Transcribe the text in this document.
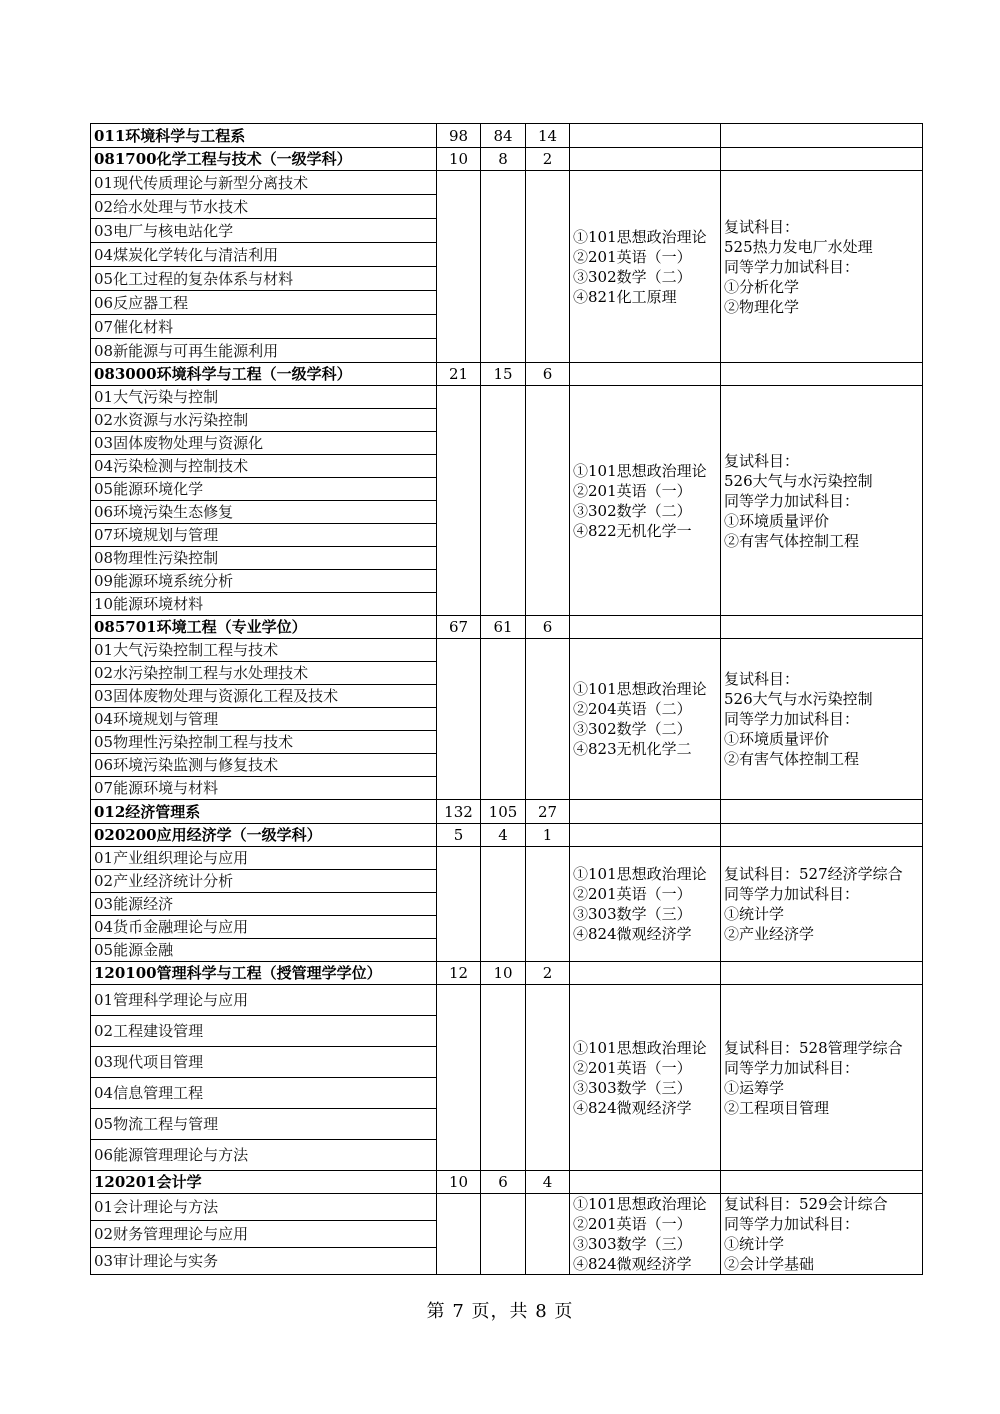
011环境科学与工程系	98	84	14		
081700化学工程与技术（一级学科）	10	8	2		
01现代传质理论与新型分离技术				①101思想政治理论
②201英语（一）
③302数学（二）
④821化工原理	复试科目：
525热力发电厂水处理
同等学力加试科目：
①分析化学
②物理化学

02给水处理与节水技术					
03电厂与核电站化学					
04煤炭化学转化与清洁利用					
05化工过程的复杂体系与材料					
06反应器工程					
07催化材料					
08新能源与可再生能源利用					
083000环境科学与工程（一级学科）	21	15	6		
01大气污染与控制				①101思想政治理论
②201英语（一）
③302数学（二）
④822无机化学一	复试科目：
526大气与水污染控制
同等学力加试科目：
①环境质量评价
②有害气体控制工程

02水资源与水污染控制					
03固体废物处理与资源化					
04污染检测与控制技术					
05能源环境化学					
06环境污染生态修复					
07环境规划与管理					
08物理性污染控制					
09能源环境系统分析					
10能源环境材料					
085701环境工程（专业学位）	67	61	6		
01大气污染控制工程与技术				①101思想政治理论
②204英语（二）
③302数学（二）
④823无机化学二	复试科目：
526大气与水污染控制
同等学力加试科目：
①环境质量评价
②有害气体控制工程

02水污染控制工程与水处理技术					
03固体废物处理与资源化工程及技术					
04环境规划与管理					
05物理性污染控制工程与技术					
06环境污染监测与修复技术					
07能源环境与材料					
012经济管理系	132	105	27		
020200应用经济学（一级学科）	5	4	1		
01产业组织理论与应用				①101思想政治理论
②201英语（一）
③303数学（三）
④824微观经济学	复试科目：527经济学综合
同等学力加试科目：
①统计学
②产业经济学

02产业经济统计分析					
03能源经济					
04货币金融理论与应用					
05能源金融					
120100管理科学与工程（授管理学学位）	12	10	2		
01管理科学理论与应用				①101思想政治理论
②201英语（一）
③303数学（三）
④824微观经济学	复试科目：528管理学综合
同等学力加试科目：
①运筹学
②工程项目管理

02工程建设管理					
03现代项目管理					
04信息管理工程					
05物流工程与管理					
06能源管理理论与方法					
120201会计学	10	6	4		
01会计理论与方法				①101思想政治理论
②201英语（一）
③303数学（三）
④824微观经济学	复试科目：529会计综合
同等学力加试科目：
①统计学
②会计学基础

02财务管理理论与应用					
03审计理论与实务					
第 7 页，共 8 页
